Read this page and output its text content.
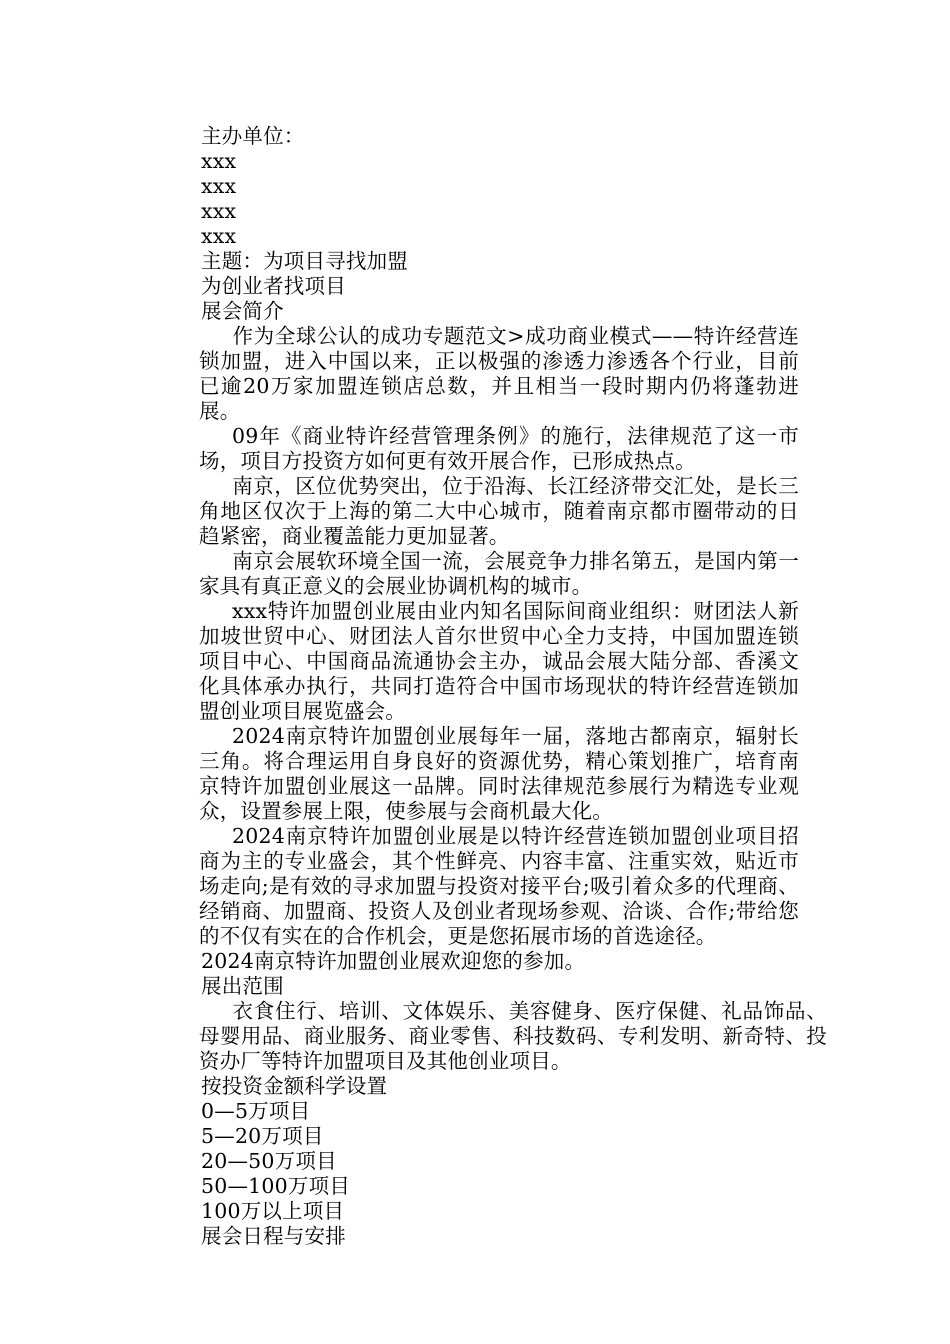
主办单位：
xxx
xxx
xxx
xxx
主题：为项目寻找加盟
为创业者找项目
展会简介

作为全球公认的成功专题范文>成功商业模式——特许经营连锁加盟，进入中国以来，正以极强的渗透力渗透各个行业，目前已逾20万家加盟连锁店总数，并且相当一段时期内仍将蓬勃进展。

09年《商业特许经营管理条例》的施行，法律规范了这一市场，项目方投资方如何更有效开展合作，已形成热点。

南京，区位优势突出，位于沿海、长江经济带交汇处，是长三角地区仅次于上海的第二大中心城市，随着南京都市圈带动的日趋紧密，商业覆盖能力更加显著。

南京会展软环境全国一流，会展竞争力排名第五，是国内第一家具有真正意义的会展业协调机构的城市。

xxx特许加盟创业展由业内知名国际间商业组织：财团法人新加坡世贸中心、财团法人首尔世贸中心全力支持，中国加盟连锁项目中心、中国商品流通协会主办，诚品会展大陆分部、香溪文化具体承办执行，共同打造符合中国市场现状的特许经营连锁加盟创业项目展览盛会。

2024南京特许加盟创业展每年一届，落地古都南京，辐射长三角。将合理运用自身良好的资源优势，精心策划推广，培育南京特许加盟创业展这一品牌。同时法律规范参展行为精选专业观众，设置参展上限，使参展与会商机最大化。

2024南京特许加盟创业展是以特许经营连锁加盟创业项目招商为主的专业盛会，其个性鲜亮、内容丰富、注重实效，贴近市场走向;是有效的寻求加盟与投资对接平台;吸引着众多的代理商、经销商、加盟商、投资人及创业者现场参观、洽谈、合作;带给您的不仅有实在的合作机会，更是您拓展市场的首选途径。

2024南京特许加盟创业展欢迎您的参加。
展出范围

衣食住行、培训、文体娱乐、美容健身、医疗保健、礼品饰品、母婴用品、商业服务、商业零售、科技数码、专利发明、新奇特、投资办厂等特许加盟项目及其他创业项目。

按投资金额科学设置
0—5万项目
5—20万项目
20—50万项目
50—100万项目
100万以上项目
展会日程与安排
